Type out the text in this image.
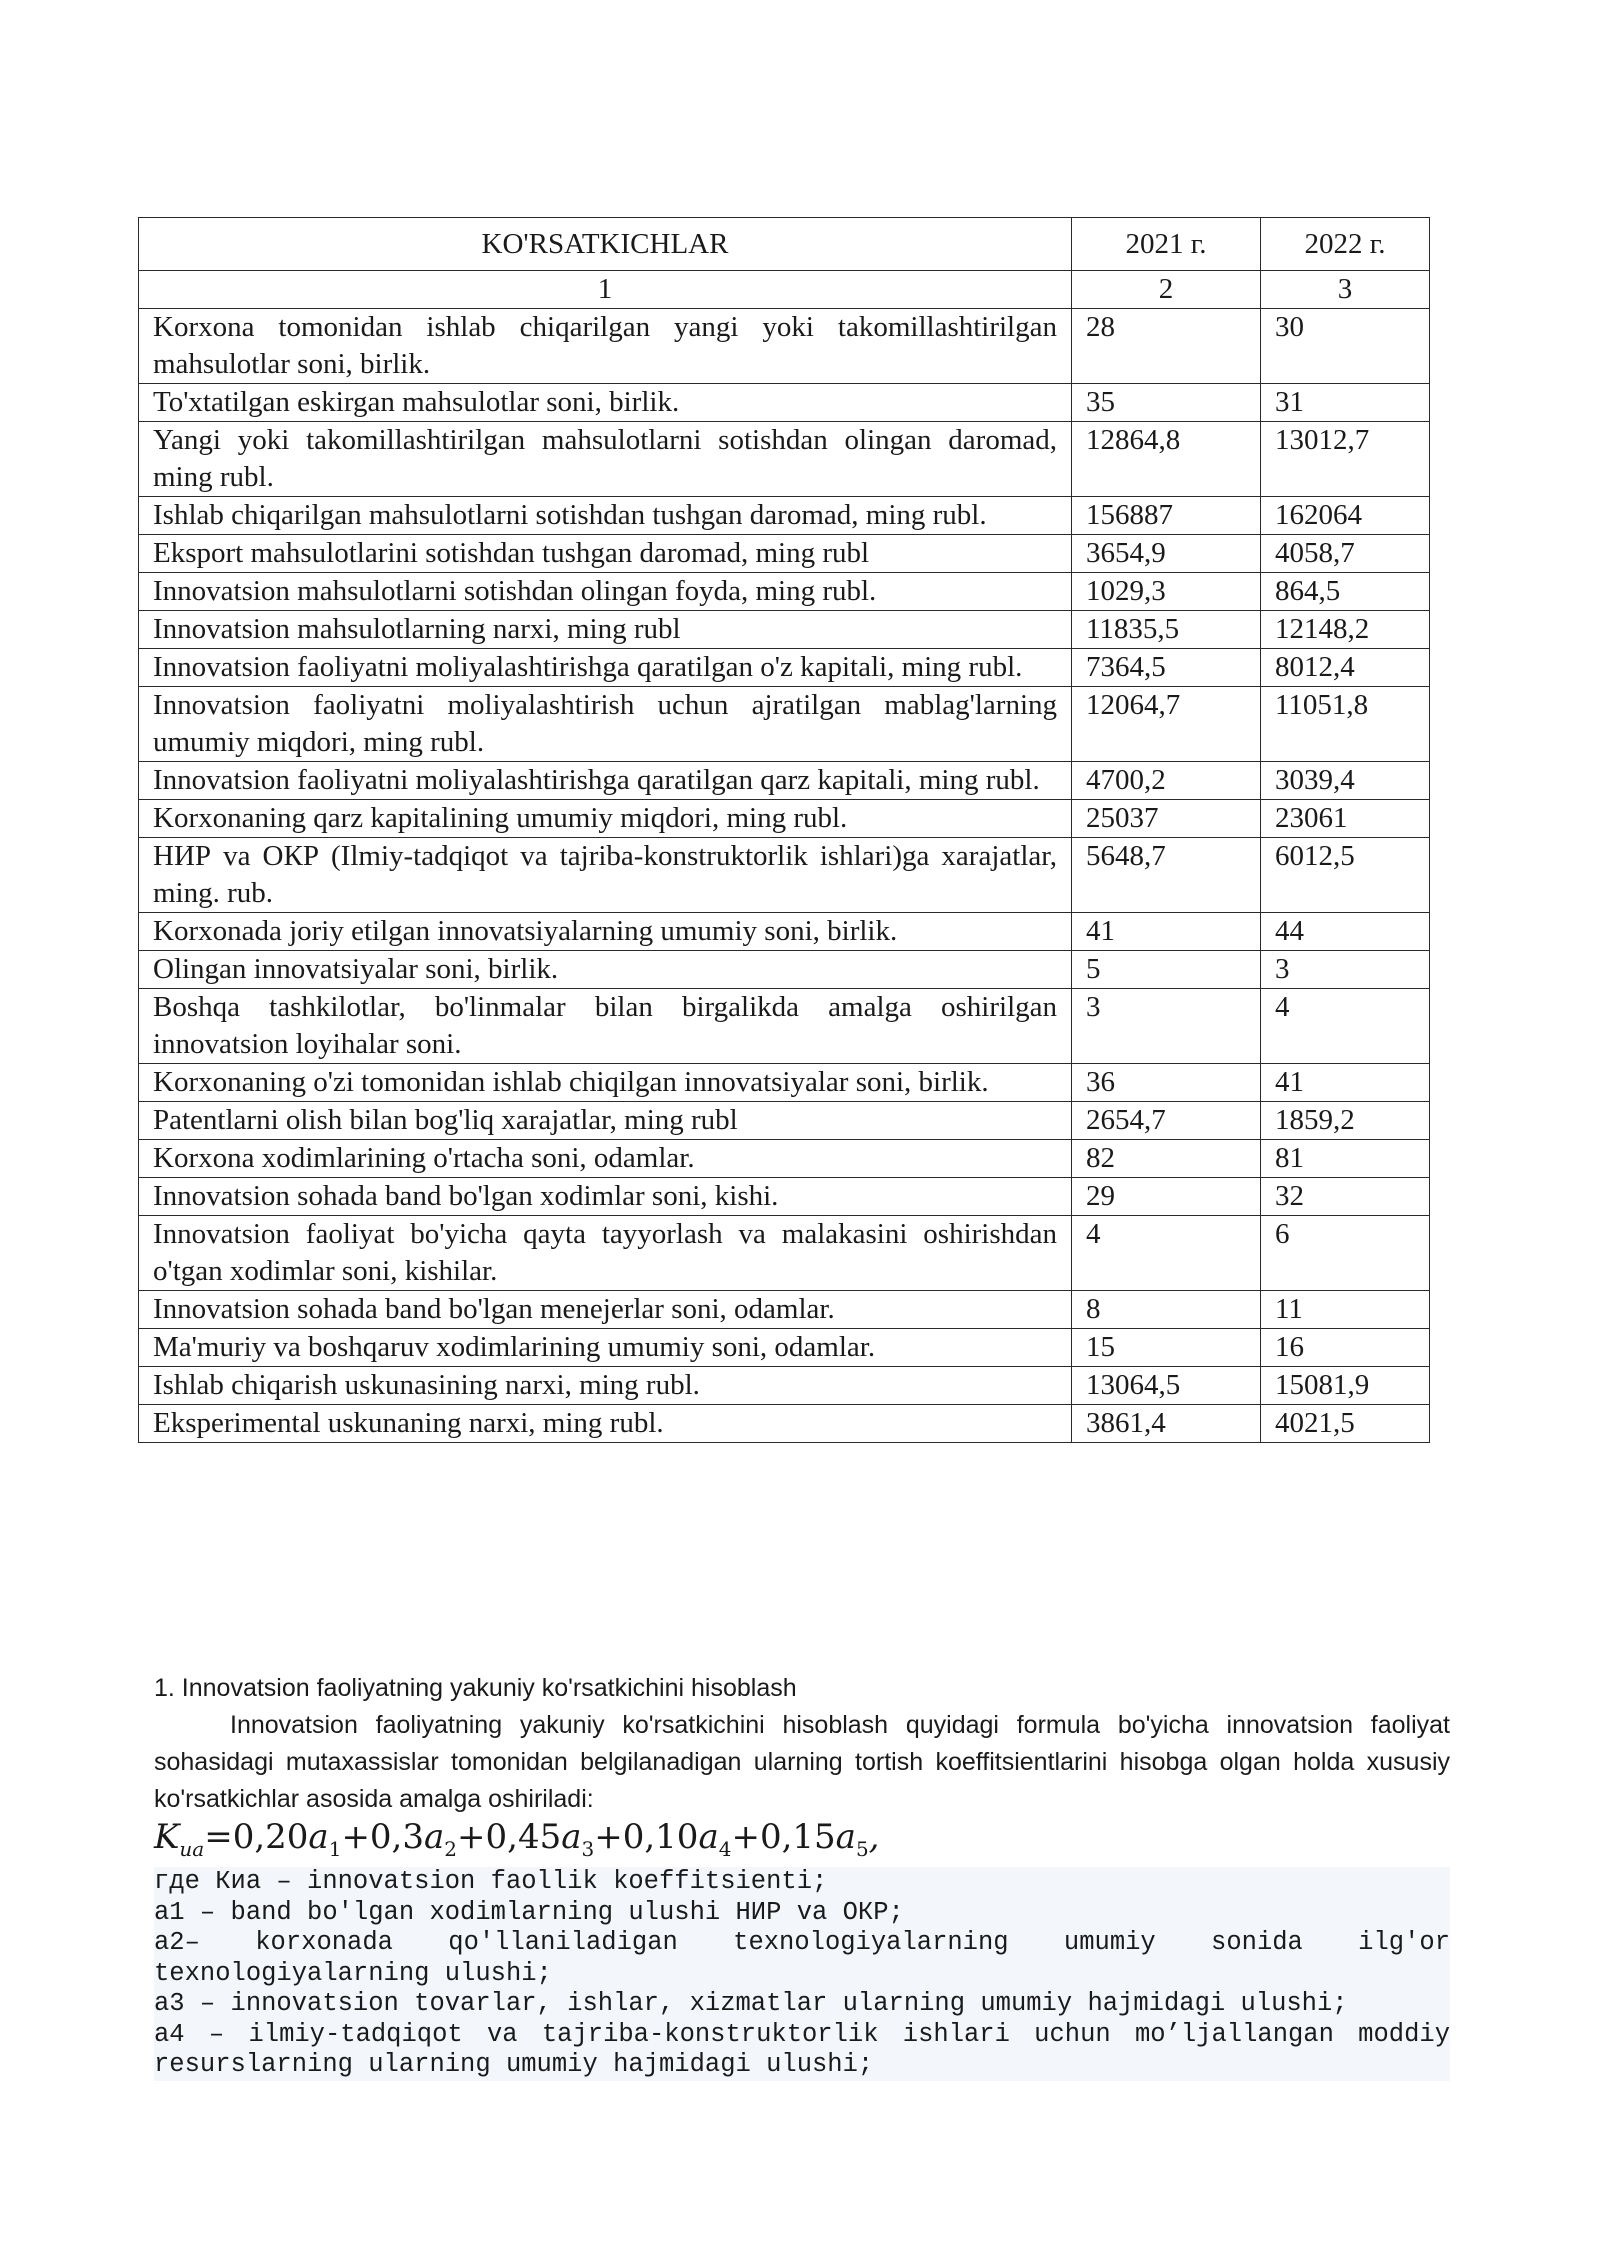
KO'RSATKICHLAR	2021 г.	2022 г.
1	2	3
Korxona tomonidan ishlab chiqarilgan yangi yoki takomillashtirilgan mahsulotlar soni, birlik.	28	30
To'xtatilgan eskirgan mahsulotlar soni, birlik.	35	31
Yangi yoki takomillashtirilgan mahsulotlarni sotishdan olingan daromad, ming rubl.	12864,8	13012,7
Ishlab chiqarilgan mahsulotlarni sotishdan tushgan daromad, ming rubl.	156887	162064
Eksport mahsulotlarini sotishdan tushgan daromad, ming rubl	3654,9	4058,7
Innovatsion mahsulotlarni sotishdan olingan foyda, ming rubl.	1029,3	864,5
Innovatsion mahsulotlarning narxi, ming rubl	11835,5	12148,2
Innovatsion faoliyatni moliyalashtirishga qaratilgan o'z kapitali, ming rubl.	7364,5	8012,4
Innovatsion faoliyatni moliyalashtirish uchun ajratilgan mablag'larning umumiy miqdori, ming rubl.	12064,7	11051,8
Innovatsion faoliyatni moliyalashtirishga qaratilgan qarz kapitali, ming rubl.	4700,2	3039,4
Korxonaning qarz kapitalining umumiy miqdori, ming rubl.	25037	23061
НИР va ОКР (Ilmiy-tadqiqot va tajriba-konstruktorlik ishlari)ga xarajatlar, ming. rub.	5648,7	6012,5
Korxonada joriy etilgan innovatsiyalarning umumiy soni, birlik.	41	44
Olingan innovatsiyalar soni, birlik.	5	3
Boshqa tashkilotlar, bo'linmalar bilan birgalikda amalga oshirilgan innovatsion loyihalar soni.	3	4
Korxonaning o'zi tomonidan ishlab chiqilgan innovatsiyalar soni, birlik.	36	41
Patentlarni olish bilan bog'liq xarajatlar, ming rubl	2654,7	1859,2
Korxona xodimlarining o'rtacha soni, odamlar.	82	81
Innovatsion sohada band bo'lgan xodimlar soni, kishi.	29	32
Innovatsion faoliyat bo'yicha qayta tayyorlash va malakasini oshirishdan o'tgan xodimlar soni, kishilar.	4	6
Innovatsion sohada band bo'lgan menejerlar soni, odamlar.	8	11
Ma'muriy va boshqaruv xodimlarining umumiy soni, odamlar.	15	16
Ishlab chiqarish uskunasining narxi, ming rubl.	13064,5	15081,9
Eksperimental uskunaning narxi, ming rubl.	3861,4	4021,5
1. Innovatsion faoliyatning yakuniy ko'rsatkichini hisoblash
Innovatsion faoliyatning yakuniy ko'rsatkichini hisoblash quyidagi formula bo'yicha innovatsion faoliyat sohasidagi mutaxassislar tomonidan belgilanadigan ularning tortish koeffitsientlarini hisobga olgan holda xususiy ko'rsatkichlar asosida amalga oshiriladi:
$K_{иа}=0,20a_1+0,3a_2+0,45a_3+0,10a_4+0,15a_5$,

где Киа – innovatsion faollik koeffitsienti;

a1 – band bo'lgan xodimlarning ulushi НИР va ОКР;

a2– korxonada qo'llaniladigan texnologiyalarning umumiy sonida ilg'or texnologiyalarning ulushi;

a3 – innovatsion tovarlar, ishlar, xizmatlar ularning umumiy hajmidagi ulushi;

a4 – ilmiy-tadqiqot va tajriba-konstruktorlik ishlari uchun mo’ljallangan moddiy resurslarning ularning umumiy hajmidagi ulushi;
